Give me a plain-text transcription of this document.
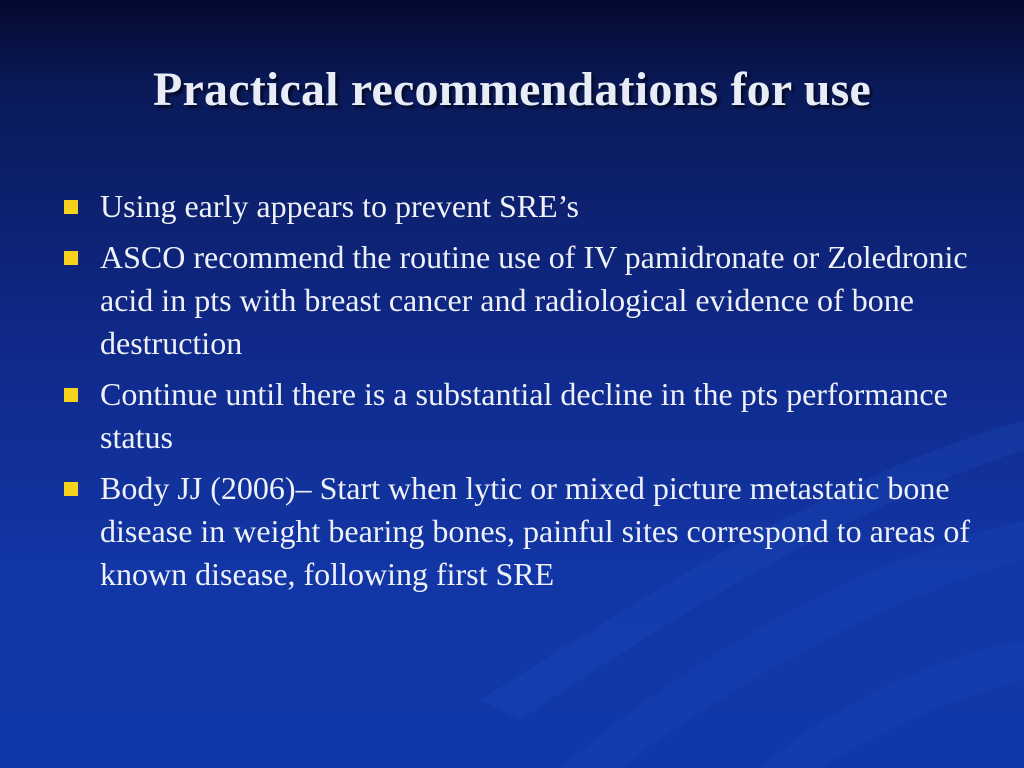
Practical recommendations for use
Using early appears to prevent SRE’s
ASCO recommend the routine use of IV pamidronate or Zoledronic acid in pts with breast cancer and radiological evidence of bone destruction
Continue until there is a substantial decline in the pts performance status
Body JJ (2006)– Start when lytic or mixed picture metastatic bone disease in weight bearing bones, painful sites correspond to areas of known disease, following first SRE
